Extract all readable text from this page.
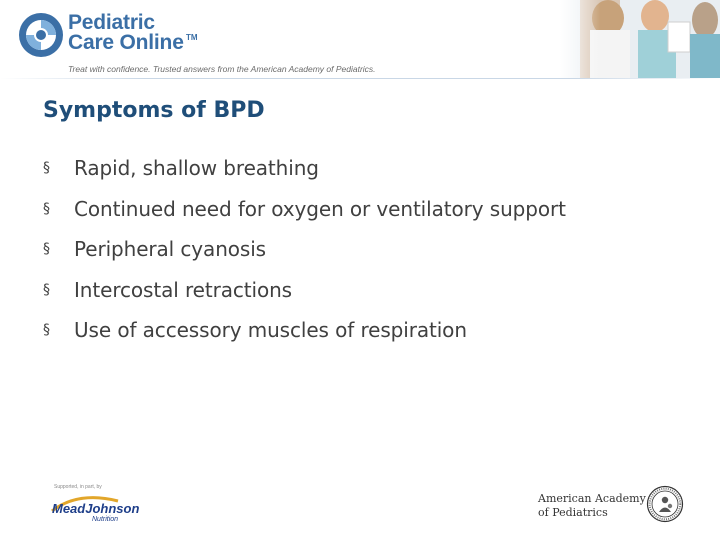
Pediatric
Care Online TM
Treat with confidence. Trusted answers from the American Academy of Pediatrics.
Symptoms of BPD
§	Rapid, shallow breathing
§	Continued need for oxygen or ventilatory support
§	Peripheral cyanosis
§	Intercostal retractions
§	Use of accessory muscles of respiration
Supported, in part, by
MeadJohnson
Nutrition
American Academy
of Pediatrics
